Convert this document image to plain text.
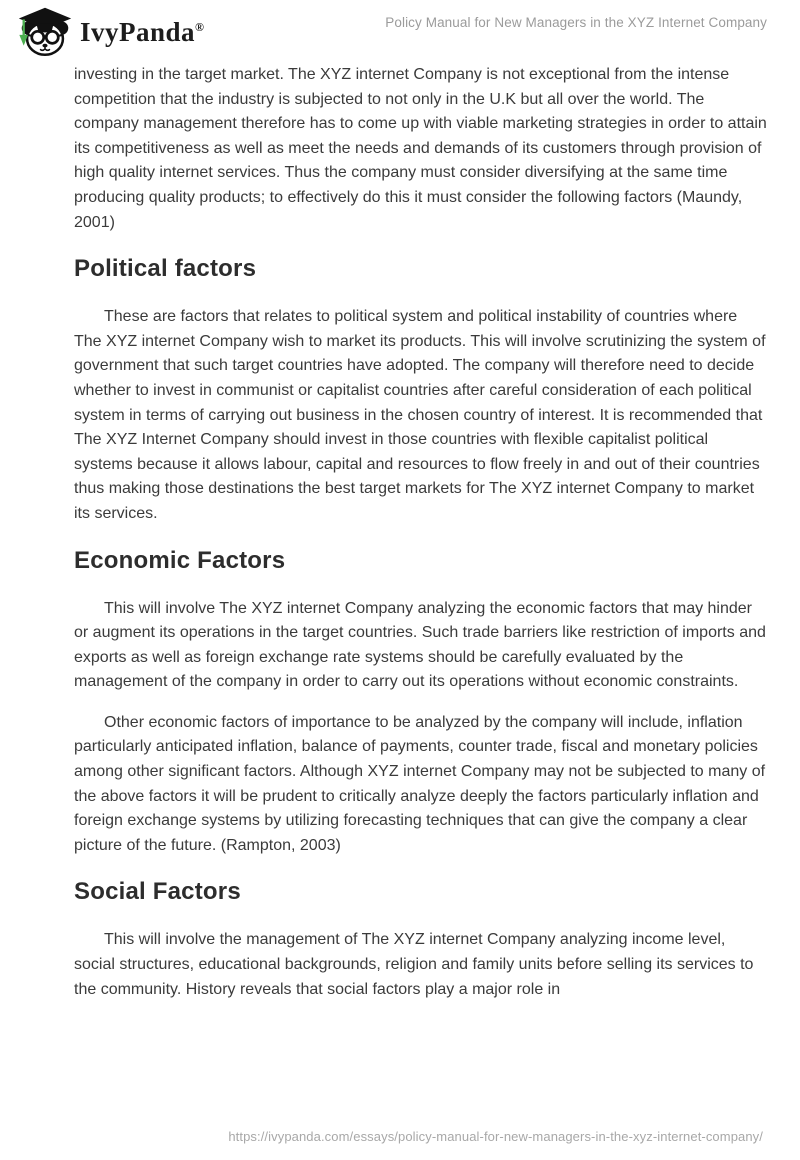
IvyPanda®	Policy Manual for New Managers in the XYZ Internet Company

investing in the target market. The XYZ internet Company is not exceptional from the intense competition that the industry is subjected to not only in the U.K but all over the world. The company management therefore has to come up with viable marketing strategies in order to attain its competitiveness as well as meet the needs and demands of its customers through provision of high quality internet services. Thus the company must consider diversifying at the same time producing quality products; to effectively do this it must consider the following factors (Maundy, 2001)

Political factors

These are factors that relates to political system and political instability of countries where The XYZ internet Company wish to market its products. This will involve scrutinizing the system of government that such target countries have adopted. The company will therefore need to decide whether to invest in communist or capitalist countries after careful consideration of each political system in terms of carrying out business in the chosen country of interest. It is recommended that The XYZ Internet Company should invest in those countries with flexible capitalist political systems because it allows labour, capital and resources to flow freely in and out of their countries thus making those destinations the best target markets for The XYZ internet Company to market its services.

Economic Factors

This will involve The XYZ internet Company analyzing the economic factors that may hinder or augment its operations in the target countries. Such trade barriers like restriction of imports and exports as well as foreign exchange rate systems should be carefully evaluated by the management of the company in order to carry out its operations without economic constraints.

Other economic factors of importance to be analyzed by the company will include, inflation particularly anticipated inflation, balance of payments, counter trade, fiscal and monetary policies among other significant factors. Although XYZ internet Company may not be subjected to many of the above factors it will be prudent to critically analyze deeply the factors particularly inflation and foreign exchange systems by utilizing forecasting techniques that can give the company a clear picture of the future. (Rampton, 2003)

Social Factors

This will involve the management of The XYZ internet Company analyzing income level, social structures, educational backgrounds, religion and family units before selling its services to the community. History reveals that social factors play a major role in

https://ivypanda.com/essays/policy-manual-for-new-managers-in-the-xyz-internet-company/
